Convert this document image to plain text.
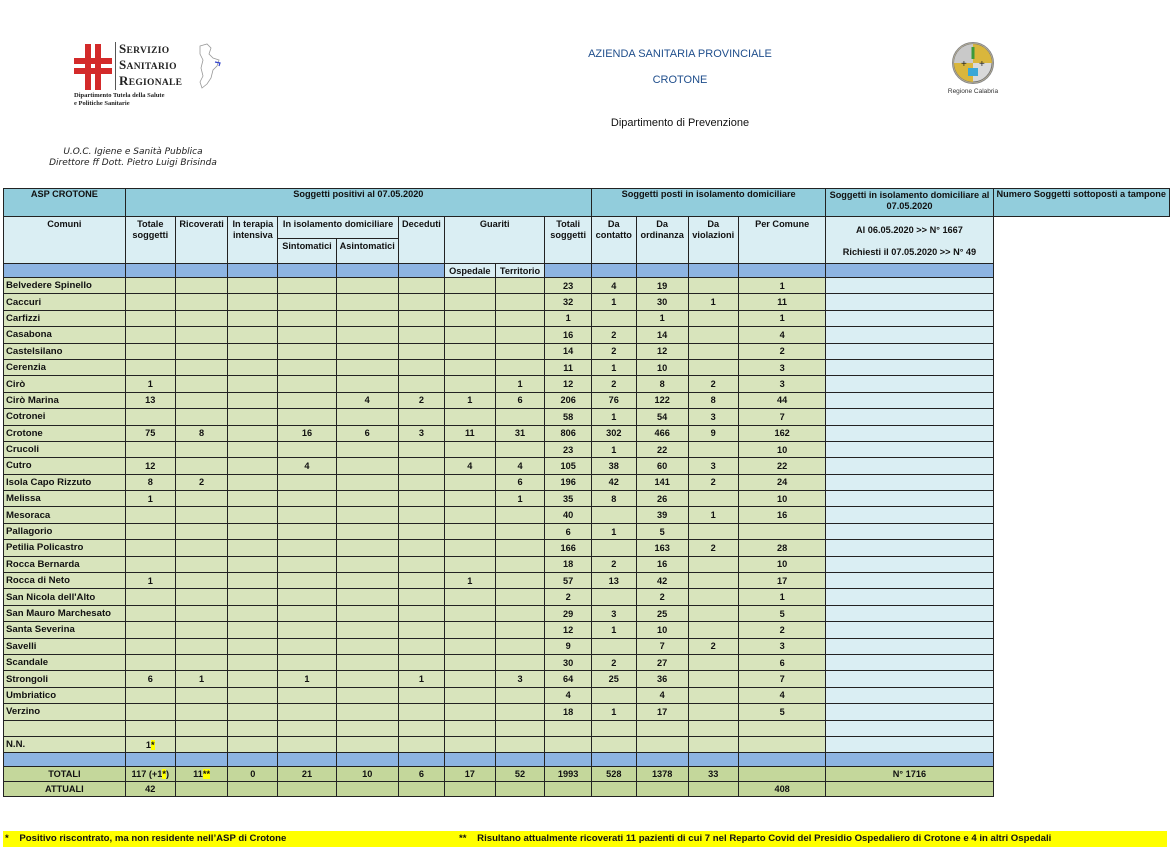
SERVIZIO
SANITARIO
REGIONALE
Dipartimento Tutela della Salute
e Politiche Sanitarie
AZIENDA SANITARIA PROVINCIALE
CROTONE
Dipartimento di Prevenzione
+ +
Regione Calabria
U.O.C. Igiene e Sanità Pubblica
Direttore ff Dott. Pietro Luigi Brisinda
ASP CROTONE	Soggetti positivi al 07.05.2020									Soggetti posti in isolamento domiciliare				Soggetti in isolamento domiciliare al 07.05.2020	Numero Soggetti sottoposti a tampone
Comuni	Totale soggetti	Ricoverati	In terapia intensiva	In isolamento domiciliare		Deceduti	Guariti		Totali soggetti	Da contatto	Da ordinanza	Da violazioni	Per Comune	Al 06.05.2020 >> N° 1667
Richiesti il 07.05.2020 >> N° 49	

				Sintomatici	Asintomatici										
							Ospedale	Territorio							
Belvedere Spinello									23	4	19		1		
Caccuri									32	1	30	1	11		
Carfizzi									1		1		1		
Casabona									16	2	14		4		
Castelsilano									14	2	12		2		
Cerenzia									11	1	10		3		
Cirò	1							1	12	2	8	2	3		
Cirò Marina	13				4	2	1	6	206	76	122	8	44		
Cotronei									58	1	54	3	7		
Crotone	75	8		16	6	3	11	31	806	302	466	9	162		
Crucoli									23	1	22		10		
Cutro	12			4			4	4	105	38	60	3	22		
Isola Capo Rizzuto	8	2						6	196	42	141	2	24		
Melissa	1							1	35	8	26		10		
Mesoraca									40		39	1	16		
Pallagorio									6	1	5				
Petilia Policastro									166		163	2	28		
Rocca Bernarda									18	2	16		10		
Rocca di Neto	1						1		57	13	42		17		
San Nicola dell'Alto									2		2		1		
San Mauro Marchesato									29	3	25		5		
Santa Severina									12	1	10		2		
Savelli									9		7	2	3		
Scandale									30	2	27		6		
Strongoli	6	1		1		1		3	64	25	36		7		
Umbriatico									4		4		4		
Verzino									18	1	17		5		

N.N.	1*														

TOTALI	117 (+1*)	11**	0	21	10	6	17	52	1993	528	1378	33		N° 1716	
ATTUALI	42												408		
* Positivo riscontrato, ma non residente nell’ASP di Crotone	** Risultano attualmente ricoverati 11 pazienti di cui 7 nel Reparto Covid del Presidio Ospedaliero di Crotone e 4 in altri Ospedali
